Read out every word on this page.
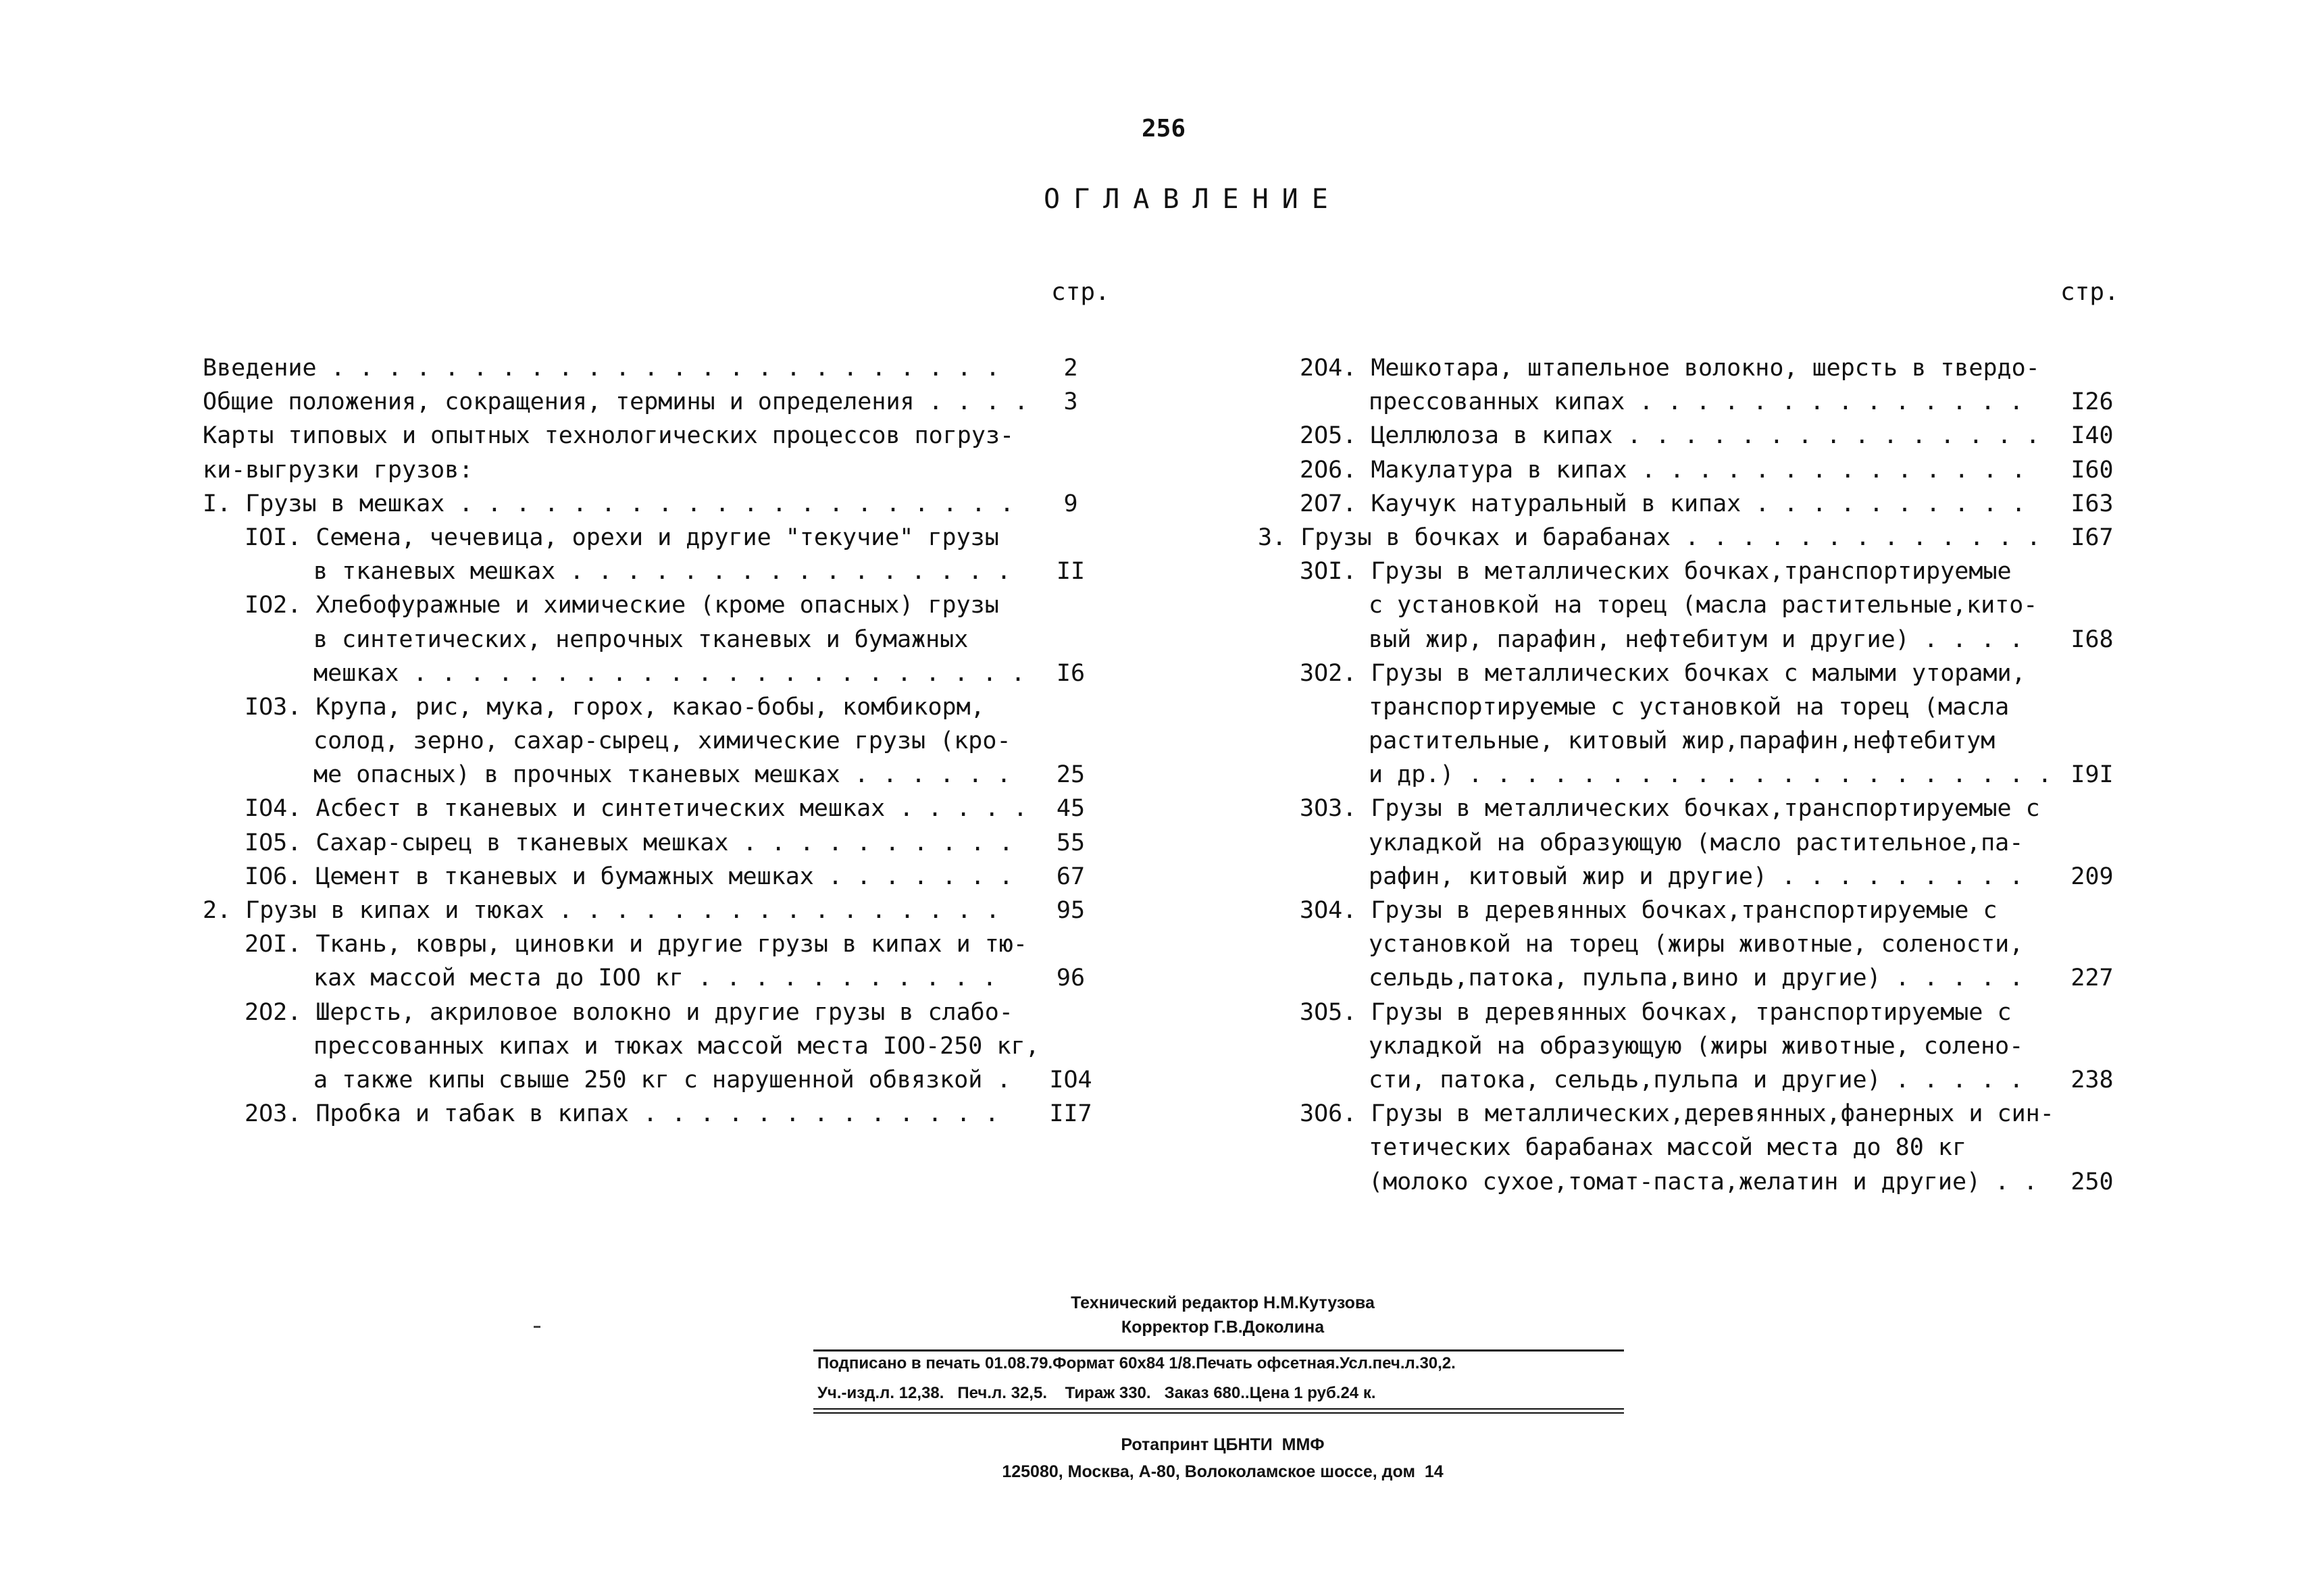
256
ОГЛАВЛЕНИЕ
стр.	стр.
Введение . . . . . . . . . . . . . . . . . . . . . . . .	2
Общие положения, сокращения, термины и определения . . . .	3
Карты типовых и опытных технологических процессов погруз-
ки-выгрузки грузов:
I. Грузы в мешках . . . . . . . . . . . . . . . . . . . .	9
IOI. Семена, чечевица, орехи и другие "текучие" грузы
в тканевых мешках . . . . . . . . . . . . . . . .	II
IO2. Хлебофуражные и химические (кроме опасных) грузы
в синтетических, непрочных тканевых и бумажных
мешках . . . . . . . . . . . . . . . . . . . . . .	I6
IO3. Крупа, рис, мука, горох, какао-бобы, комбикорм,
солод, зерно, сахар-сырец, химические грузы (кро-
ме опасных) в прочных тканевых мешках . . . . . .	25
IO4. Асбест в тканевых и синтетических мешках . . . . .	45
IO5. Сахар-сырец в тканевых мешках . . . . . . . . . .	55
IO6. Цемент в тканевых и бумажных мешках . . . . . . .	67
2. Грузы в кипах и тюках . . . . . . . . . . . . . . . .	95
2OI. Ткань, ковры, циновки и другие грузы в кипах и тю-
ках массой места до IOO кг . . . . . . . . . . .	96
2O2. Шерсть, акриловое волокно и другие грузы в слабо-
прессованных кипах и тюках массой места IOO-250 кг,
а также кипы свыше 250 кг с нарушенной обвязкой .	IO4
2O3. Пробка и табак в кипах . . . . . . . . . . . . .	II7
2O4. Мешкотара, штапельное волокно, шерсть в твердо-
прессованных кипах . . . . . . . . . . . . . .	I26
2O5. Целлюлоза в кипах . . . . . . . . . . . . . . .	I40
2O6. Макулатура в кипах . . . . . . . . . . . . . .	I60
2O7. Каучук натуральный в кипах . . . . . . . . . .	I63
3. Грузы в бочках и барабанах . . . . . . . . . . . . .	I67
3OI. Грузы в металлических бочках,транспортируемые
с установкой на торец (масла растительные,кито-
вый жир, парафин, нефтебитум и другие) . . . .	I68
3O2. Грузы в металлических бочках с малыми уторами,
транспортируемые с установкой на торец (масла
растительные, китовый жир,парафин,нефтебитум
и др.) . . . . . . . . . . . . . . . . . . . . . I9I
3O3. Грузы в металлических бочках,транспортируемые с
укладкой на образующую (масло растительное,па-
рафин, китовый жир и другие) . . . . . . . . .	209
3O4. Грузы в деревянных бочках,транспортируемые с
установкой на торец (жиры животные, солености,
сельдь,патока, пульпа,вино и другие) . . . . .	227
3O5. Грузы в деревянных бочках, транспортируемые с
укладкой на образующую (жиры животные, солено-
сти, патока, сельдь,пульпа и другие) . . . . .	238
3O6. Грузы в металлических,деревянных,фанерных и син-
тетических барабанах массой места до 80 кг
(молоко сухое,томат-паста,желатин и другие) . .	250
Технический редактор Н.М.Кутузова
Корректор Г.В.Доколина
Подписано в печать 01.08.79.Формат 60x84 1/8.Печать офсетная.Усл.печ.л.30,2.
Уч.-изд.л. 12,38.   Печ.л. 32,5.    Тираж 330.   Заказ 680..Цена 1 руб.24 к.
Ротапринт ЦБНТИ  ММФ
125080, Москва, А-80, Волоколамское шоссе, дом  14
